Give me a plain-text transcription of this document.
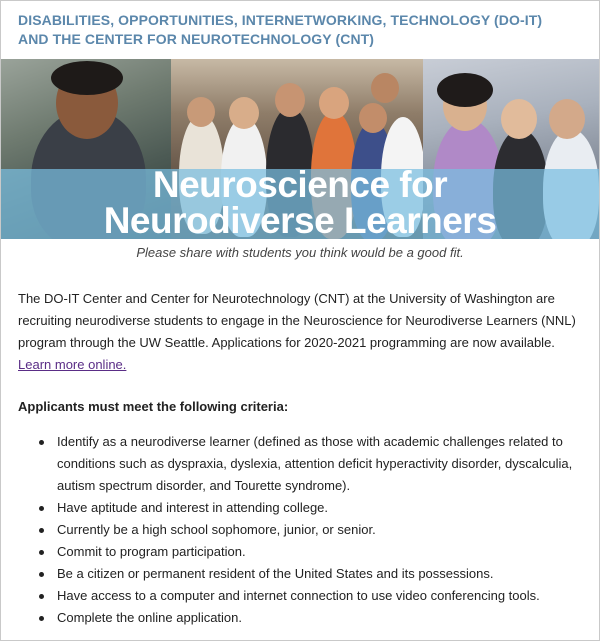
DISABILITIES, OPPORTUNITIES, INTERNETWORKING, TECHNOLOGY (DO-IT)
AND THE CENTER FOR NEUROTECHNOLOGY (CNT)
Neuroscience for
Neurodiverse Learners
Please share with students you think would be a good fit.

The DO-IT Center and Center for Neurotechnology (CNT) at the University of Washington are recruiting neurodiverse students to engage in the Neuroscience for Neurodiverse Learners (NNL) program through the UW Seattle. Applications for 2020-2021 programming are now available. Learn more online.

Applicants must meet the following criteria:
Identify as a neurodiverse learner (defined as those with academic challenges related to conditions such as dyspraxia, dyslexia, attention deficit hyperactivity disorder, dyscalculia, autism spectrum disorder, and Tourette syndrome).
Have aptitude and interest in attending college.
Currently be a high school sophomore, junior, or senior.
Commit to program participation.
Be a citizen or permanent resident of the United States and its possessions.
Have access to a computer and internet connection to use video conferencing tools.
Complete the online application.
